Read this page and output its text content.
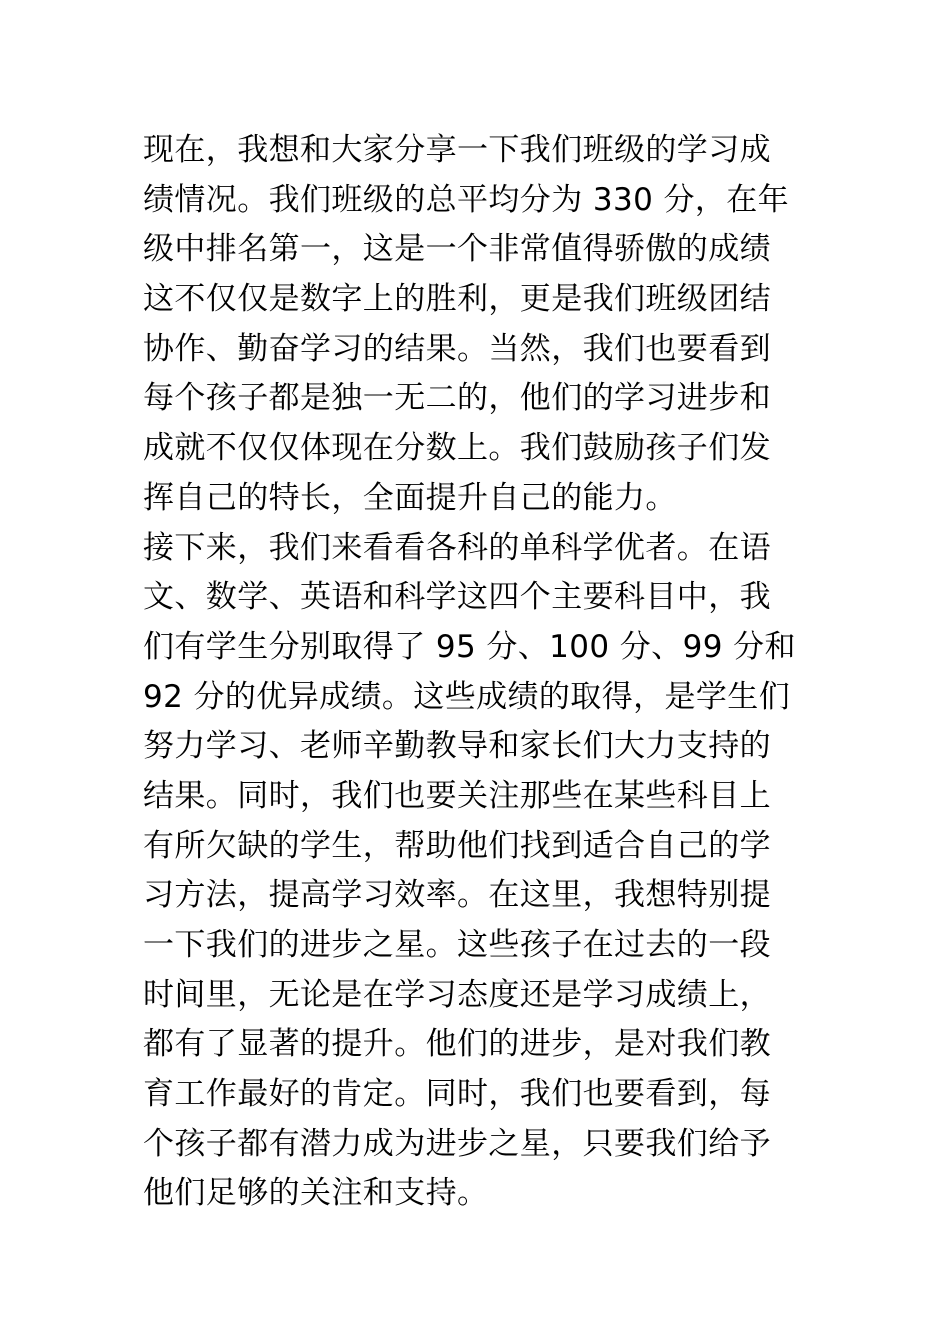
现在，我想和大家分享一下我们班级的学习成
绩情况。我们班级的总平均分为 330 分，在年
级中排名第一，这是一个非常值得骄傲的成绩
这不仅仅是数字上的胜利，更是我们班级团结
协作、勤奋学习的结果。当然，我们也要看到
每个孩子都是独一无二的，他们的学习进步和
成就不仅仅体现在分数上。我们鼓励孩子们发
挥自己的特长，全面提升自己的能力。
接下来，我们来看看各科的单科学优者。在语
文、数学、英语和科学这四个主要科目中，我
们有学生分别取得了 95 分、100 分、99 分和
92 分的优异成绩。这些成绩的取得，是学生们
努力学习、老师辛勤教导和家长们大力支持的
结果。同时，我们也要关注那些在某些科目上
有所欠缺的学生，帮助他们找到适合自己的学
习方法，提高学习效率。在这里，我想特别提
一下我们的进步之星。这些孩子在过去的一段
时间里，无论是在学习态度还是学习成绩上，
都有了显著的提升。他们的进步，是对我们教
育工作最好的肯定。同时，我们也要看到，每
个孩子都有潜力成为进步之星，只要我们给予
他们足够的关注和支持。
